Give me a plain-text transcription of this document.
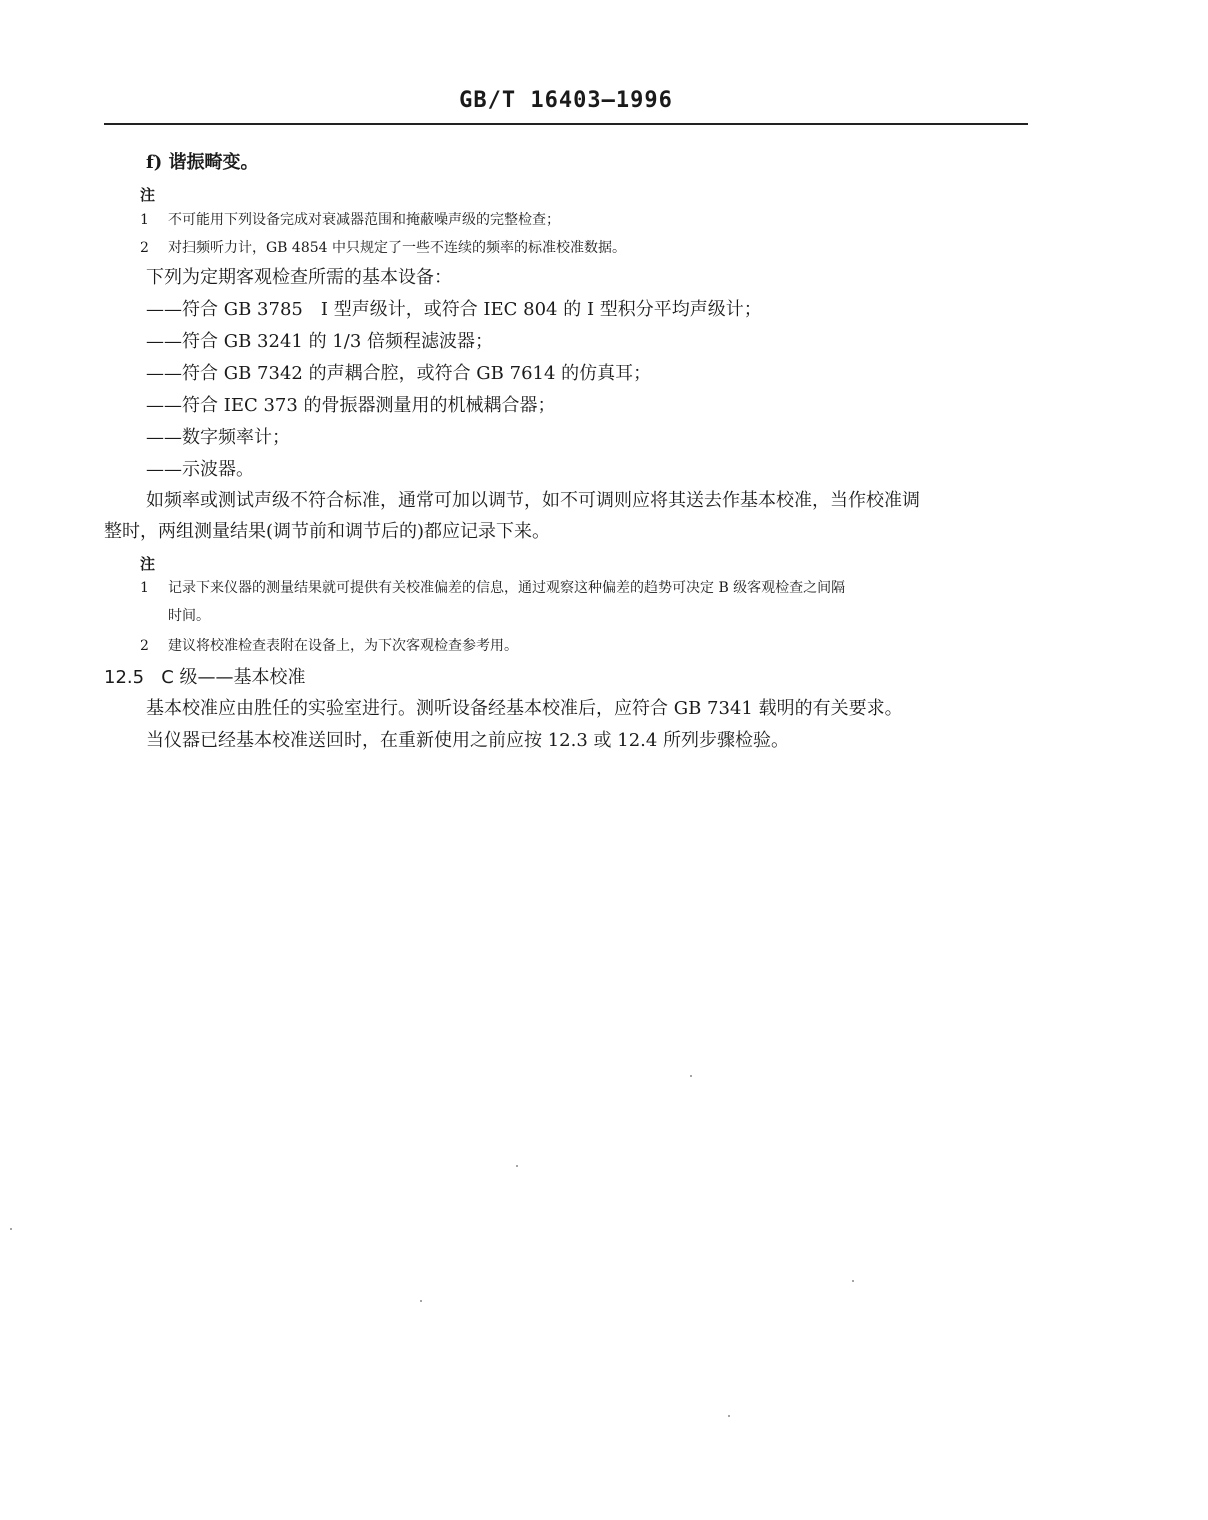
GB/T 16403—1996
f) 谐振畸变。
注
1 不可能用下列设备完成对衰减器范围和掩蔽噪声级的完整检查；
2 对扫频听力计，GB 4854 中只规定了一些不连续的频率的标准校准数据。
下列为定期客观检查所需的基本设备：
——符合 GB 3785　I 型声级计，或符合 IEC 804 的 I 型积分平均声级计；
——符合 GB 3241 的 1/3 倍频程滤波器；
——符合 GB 7342 的声耦合腔，或符合 GB 7614 的仿真耳；
——符合 IEC 373 的骨振器测量用的机械耦合器；
——数字频率计；
——示波器。
如频率或测试声级不符合标准，通常可加以调节，如不可调则应将其送去作基本校准，当作校准调
整时，两组测量结果(调节前和调节后的)都应记录下来。
注
1 记录下来仪器的测量结果就可提供有关校准偏差的信息，通过观察这种偏差的趋势可决定 B 级客观检查之间隔
时间。
2 建议将校准检查表附在设备上，为下次客观检查参考用。
12.5 C 级——基本校准
基本校准应由胜任的实验室进行。测听设备经基本校准后，应符合 GB 7341 载明的有关要求。
当仪器已经基本校准送回时，在重新使用之前应按 12.3 或 12.4 所列步骤检验。
